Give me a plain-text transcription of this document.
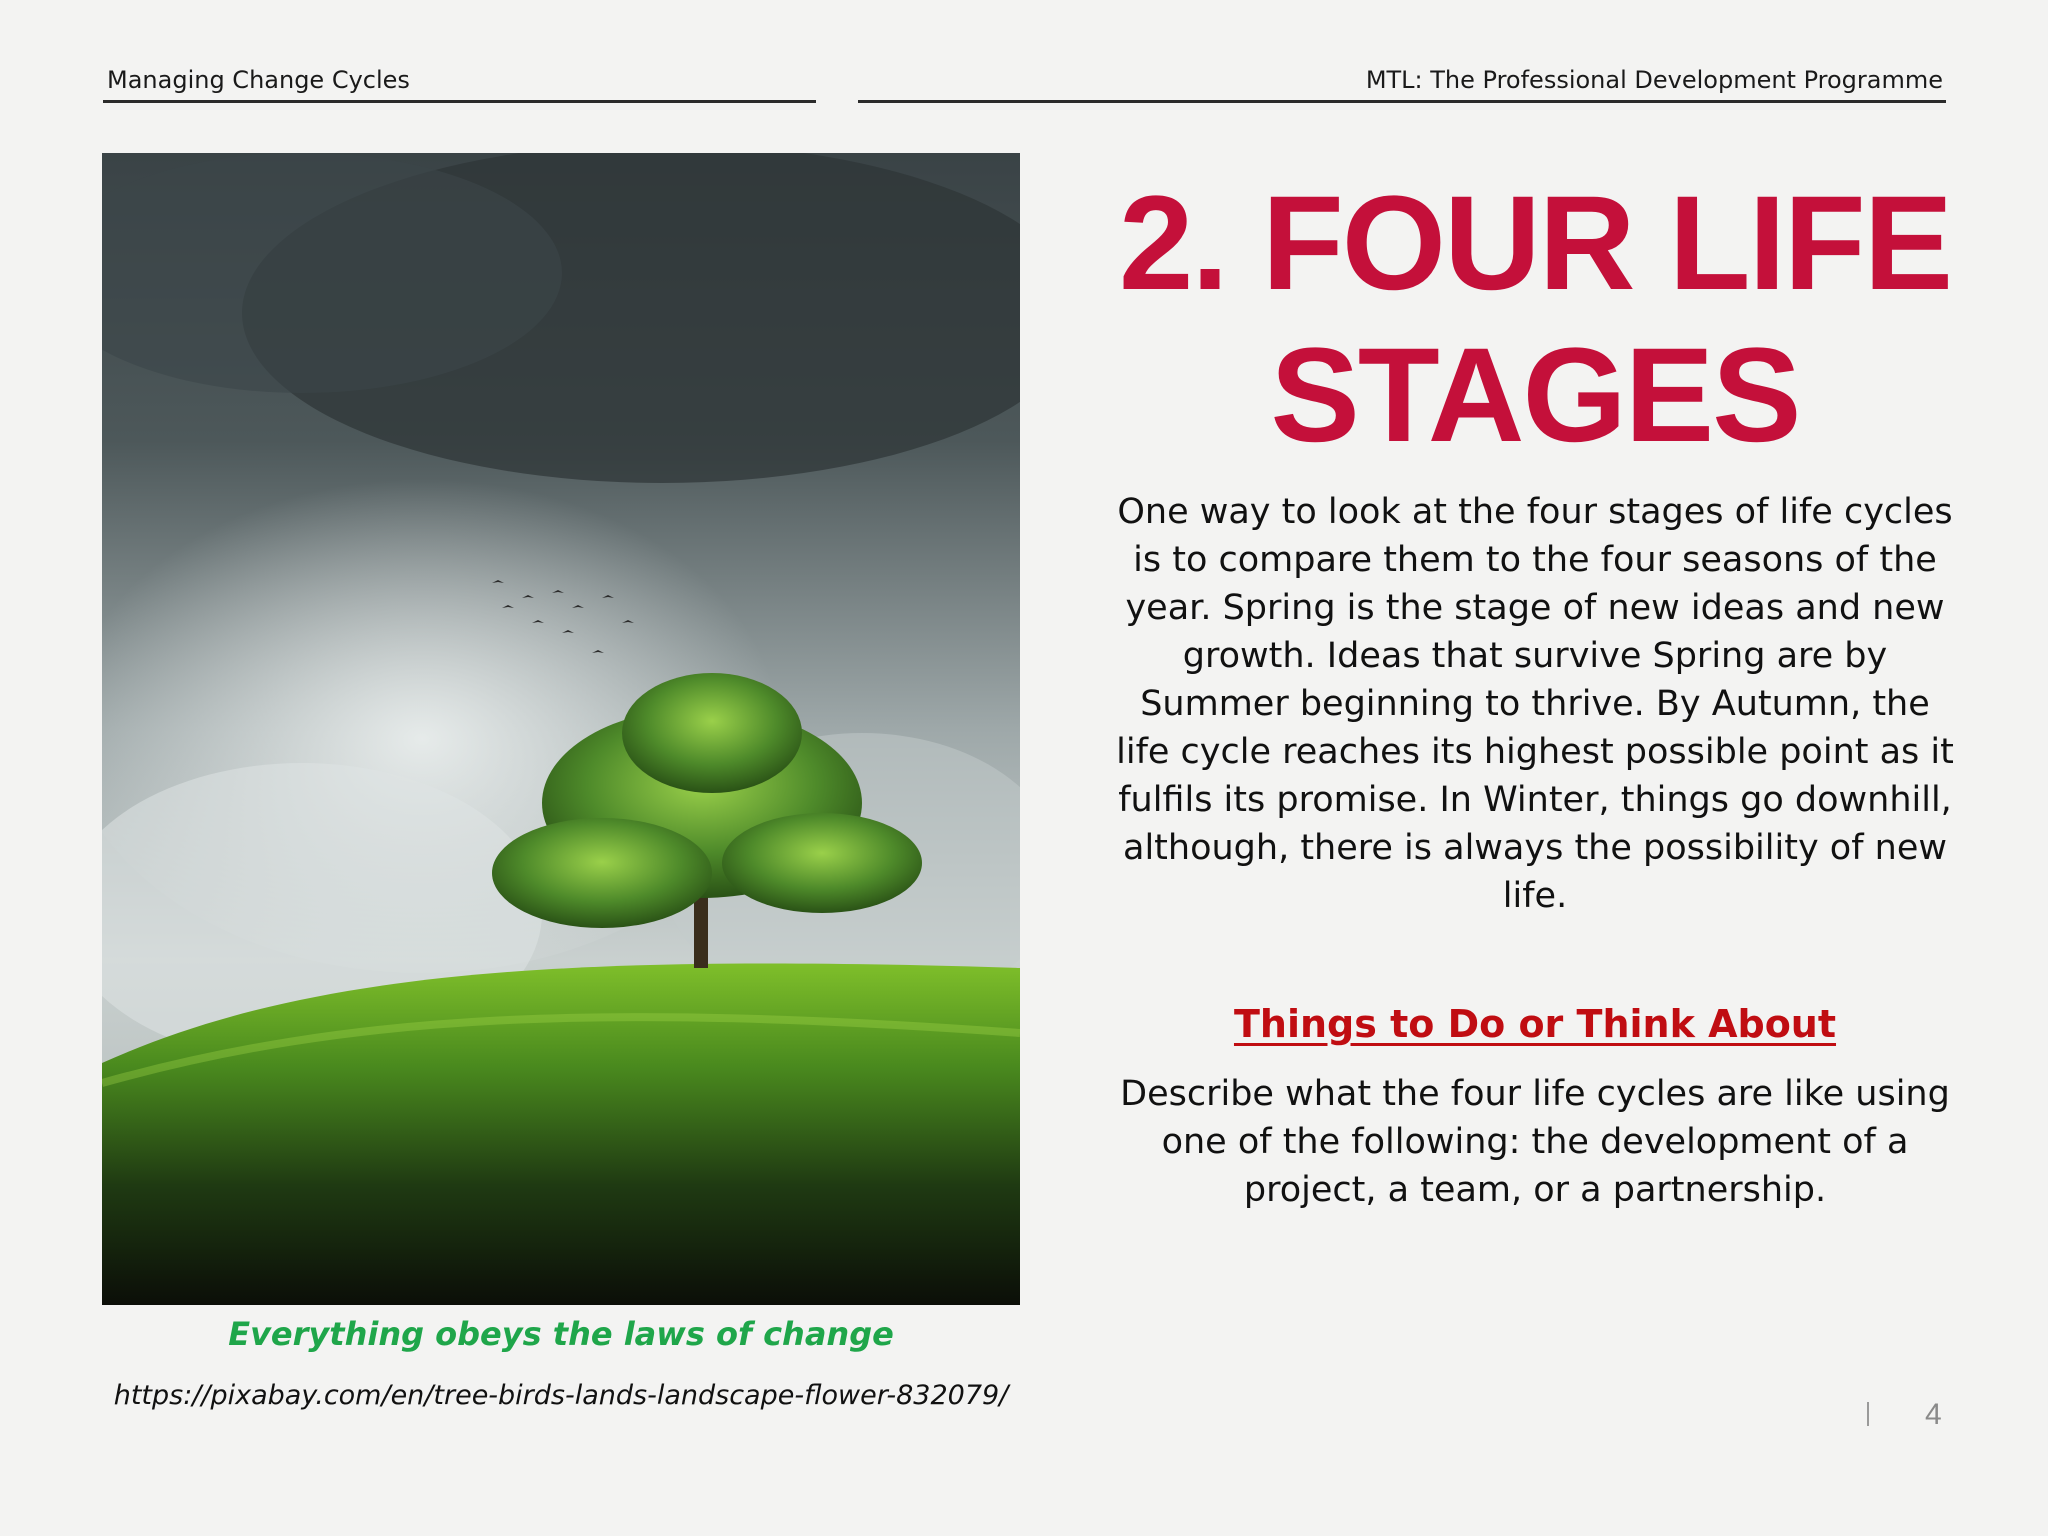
Managing Change Cycles	MTL: The Professional Development Programme
Everything obeys the laws of change
https://pixabay.com/en/tree-birds-lands-landscape-flower-832079/
2. FOUR LIFE STAGES
One way to look at the four stages of life cycles is to compare them to the four seasons of the year. Spring is the stage of new ideas and new growth. Ideas that survive Spring are by Summer beginning to thrive. By Autumn, the life cycle reaches its highest possible point as it fulfils its promise. In Winter, things go downhill, although, there is always the possibility of new life.
Things to Do or Think About
Describe what the four life cycles are like using one of the following: the development of a project, a team, or a partnership.
4
